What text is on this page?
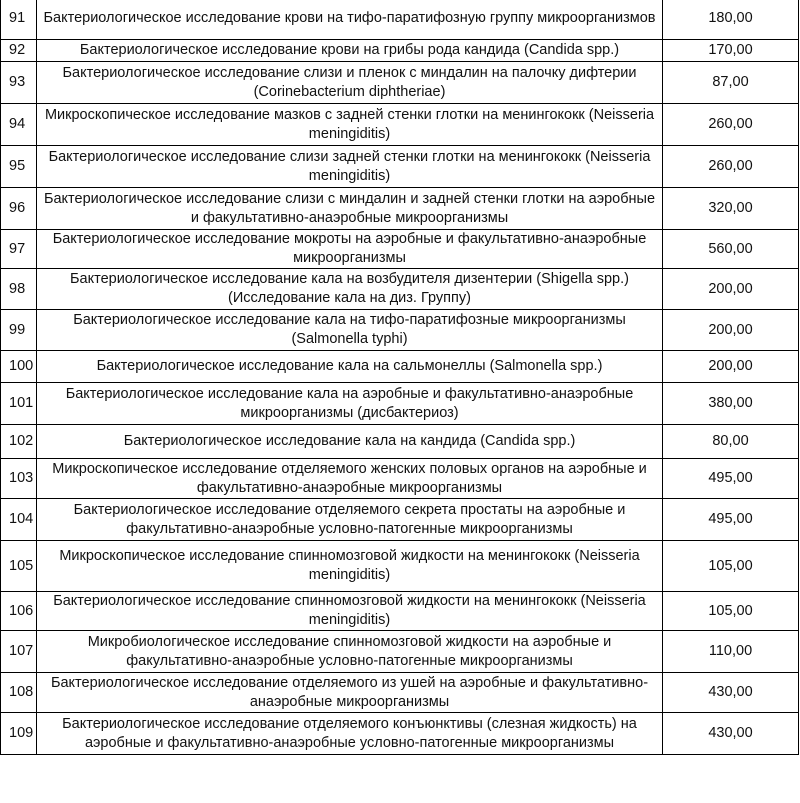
91	Бактериологическое исследование крови на тифо-паратифозную группу микроорганизмов	180,00
92	Бактериологическое исследование крови на грибы рода кандида (Candida spp.)	170,00
93	Бактериологическое исследование слизи и пленок с миндалин на палочку дифтерии (Corinebacterium diphtheriae)	87,00
94	Микроскопическое исследование мазков с задней стенки глотки на менингококк (Neisseria meningiditis)	260,00
95	Бактериологическое исследование слизи задней стенки глотки на менингококк (Neisseria meningiditis)	260,00
96	Бактериологическое исследование слизи с миндалин и задней стенки глотки на аэробные и факультативно-анаэробные микроорганизмы	320,00
97	Бактериологическое исследование мокроты на аэробные и факультативно-анаэробные микроорганизмы	560,00
98	Бактериологическое исследование кала на возбудителя дизентерии (Shigella spp.)(Исследование кала на диз. Группу)	200,00
99	Бактериологическое исследование кала на тифо-паратифозные микроорганизмы (Salmonella typhi)	200,00
100	Бактериологическое исследование кала на сальмонеллы (Salmonella spp.)	200,00
101	Бактериологическое исследование кала на аэробные и факультативно-анаэробные микроорганизмы (дисбактериоз)	380,00
102	Бактериологическое исследование кала на кандида (Candida spp.)	80,00
103	Микроскопическое исследование отделяемого женских половых органов на аэробные и факультативно-анаэробные микроорганизмы	495,00
104	Бактериологическое исследование отделяемого секрета простаты на аэробные и факультативно-анаэробные условно-патогенные микроорганизмы	495,00
105	Микроскопическое исследование спинномозговой жидкости на менингококк (Neisseria meningiditis)	105,00
106	Бактериологическое исследование спинномозговой жидкости на менингококк (Neisseria meningiditis)	105,00
107	Микробиологическое исследование спинномозговой жидкости на аэробные и факультативно-анаэробные условно-патогенные микроорганизмы	110,00
108	Бактериологическое исследование отделяемого из ушей на аэробные и факультативно-анаэробные микроорганизмы	430,00
109	Бактериологическое исследование отделяемого конъюнктивы (слезная жидкость) на аэробные и факультативно-анаэробные условно-патогенные микроорганизмы	430,00
